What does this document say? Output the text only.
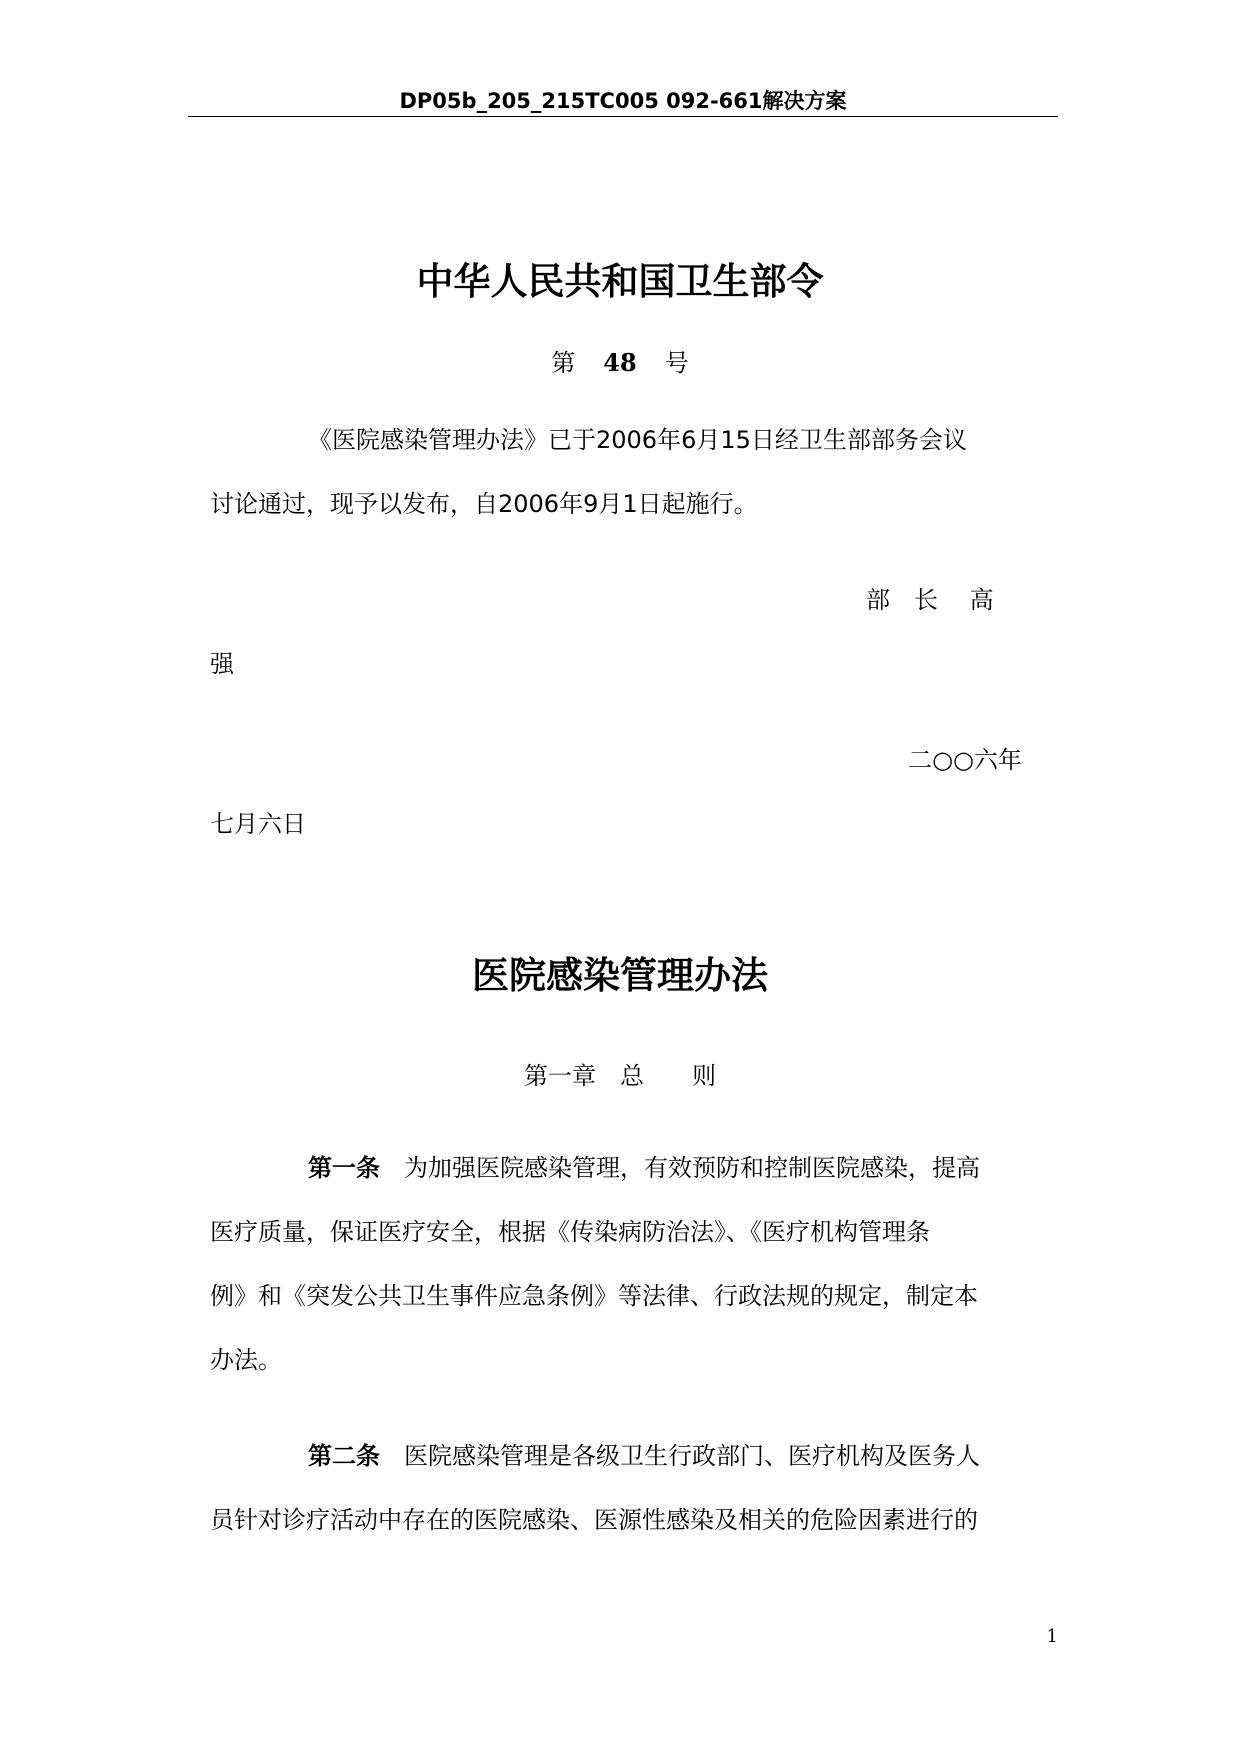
DP05b_205_215TC005 092-661解决方案
中华人民共和国卫生部令
第 48 号
《医院感染管理办法》已于2006年6月15日经卫生部部务会议
讨论通过，现予以发布，自2006年9月1日起施行。
部　长　 高
强
二○○六年
七月六日
医院感染管理办法
第一章　总　　则
第一条 为加强医院感染管理，有效预防和控制医院感染，提高
医疗质量，保证医疗安全，根据《传染病防治法》、《医疗机构管理条
例》和《突发公共卫生事件应急条例》等法律、行政法规的规定，制定本
办法。
第二条 医院感染管理是各级卫生行政部门、医疗机构及医务人
员针对诊疗活动中存在的医院感染、医源性感染及相关的危险因素进行的
1
